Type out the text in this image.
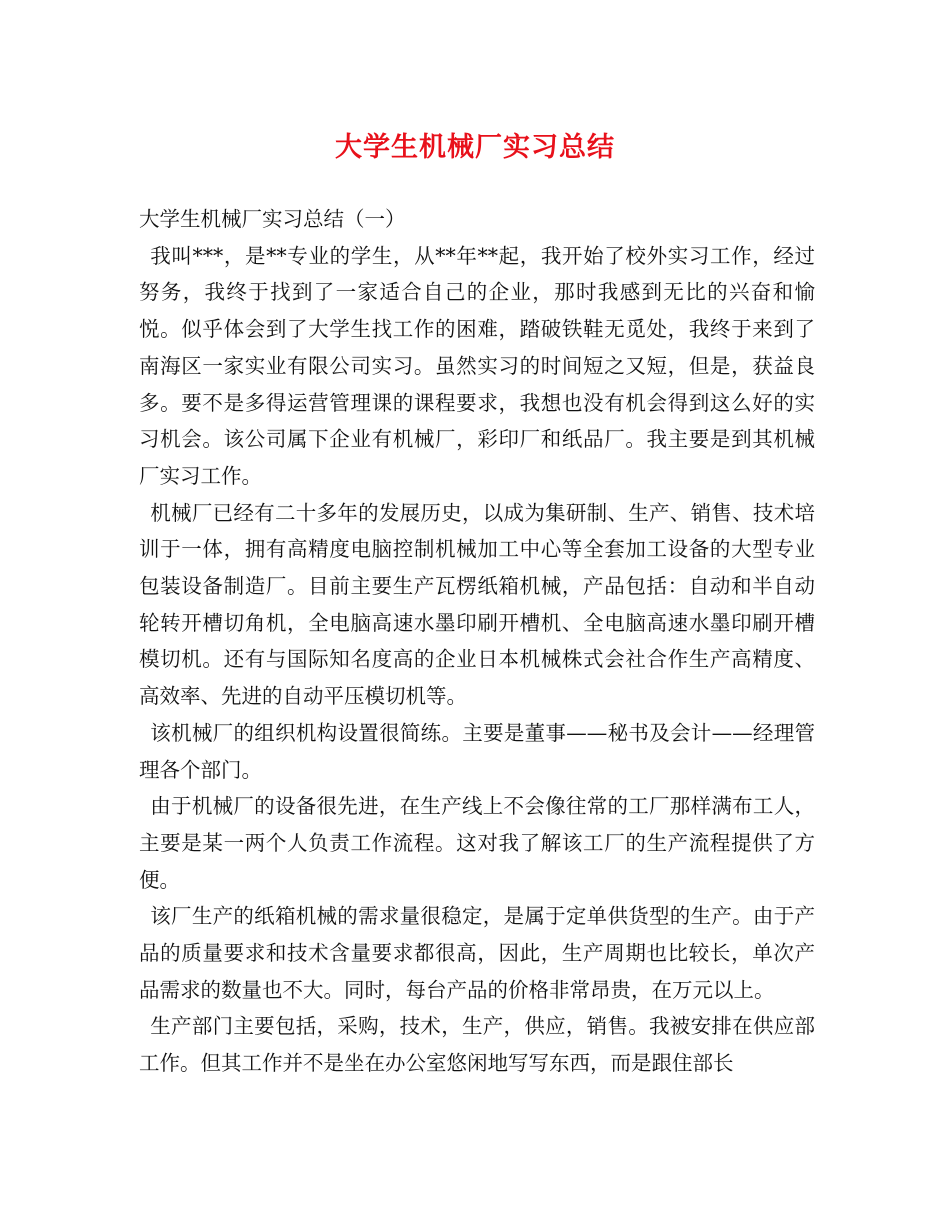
大学生机械厂实习总结

大学生机械厂实习总结（一）

我叫***，是**专业的学生，从**年**起，我开始了校外实习工作，经过努务，我终于找到了一家适合自己的企业，那时我感到无比的兴奋和愉悦。似乎体会到了大学生找工作的困难，踏破铁鞋无觅处，我终于来到了南海区一家实业有限公司实习。虽然实习的时间短之又短，但是，获益良多。要不是多得运营管理课的课程要求，我想也没有机会得到这么好的实习机会。该公司属下企业有机械厂，彩印厂和纸品厂。我主要是到其机械厂实习工作。

机械厂已经有二十多年的发展历史，以成为集研制、生产、销售、技术培训于一体，拥有高精度电脑控制机械加工中心等全套加工设备的大型专业包装设备制造厂。目前主要生产瓦楞纸箱机械，产品包括：自动和半自动轮转开槽切角机，全电脑高速水墨印刷开槽机、全电脑高速水墨印刷开槽模切机。还有与国际知名度高的企业日本机械株式会社合作生产高精度、高效率、先进的自动平压模切机等。

该机械厂的组织机构设置很简练。主要是董事——秘书及会计——经理管理各个部门。

由于机械厂的设备很先进，在生产线上不会像往常的工厂那样满布工人，主要是某一两个人负责工作流程。这对我了解该工厂的生产流程提供了方便。

该厂生产的纸箱机械的需求量很稳定，是属于定单供货型的生产。由于产品的质量要求和技术含量要求都很高，因此，生产周期也比较长，单次产品需求的数量也不大。同时，每台产品的价格非常昂贵，在万元以上。

生产部门主要包括，采购，技术，生产，供应，销售。我被安排在供应部工作。但其工作并不是坐在办公室悠闲地写写东西，而是跟住部长
